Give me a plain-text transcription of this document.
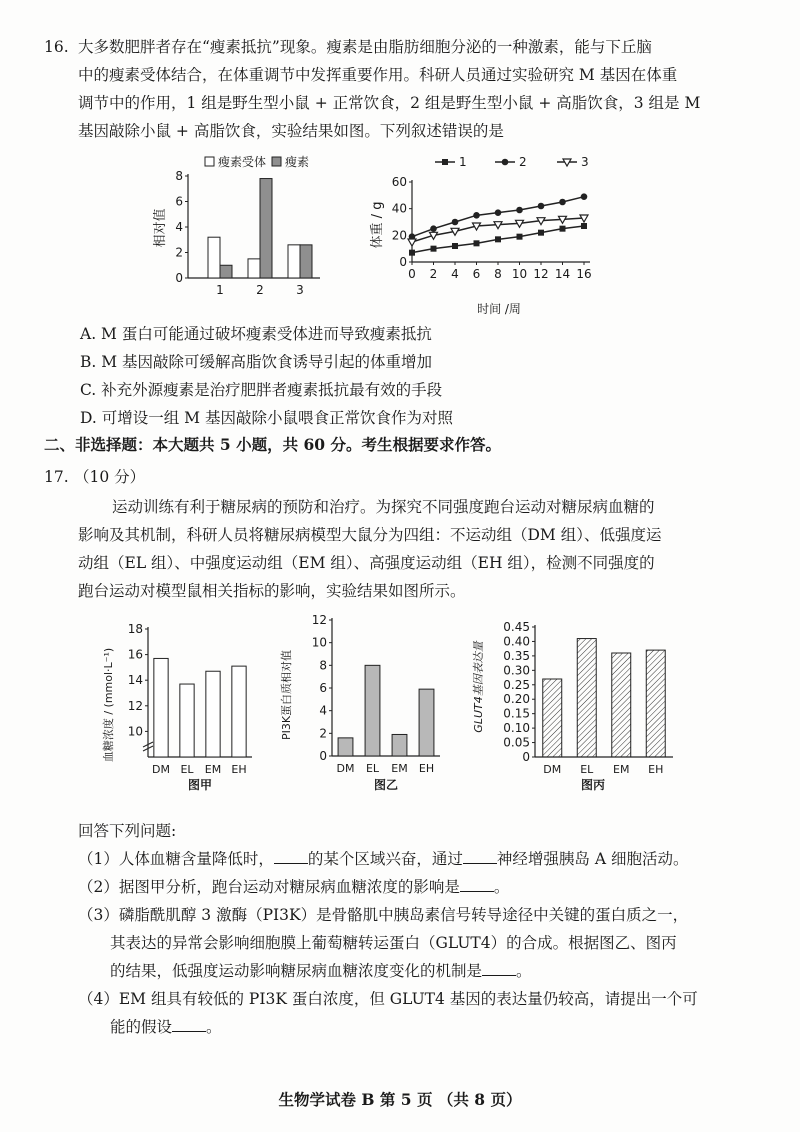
16. 大多数肥胖者存在“瘦素抵抗”现象。瘦素是由脂肪细胞分泌的一种激素，能与下丘脑
中的瘦素受体结合，在体重调节中发挥重要作用。科研人员通过实验研究 M 基因在体重
调节中的作用，1 组是野生型小鼠 + 正常饮食，2 组是野生型小鼠 + 高脂饮食，3 组是 M
基因敲除小鼠 + 高脂饮食，实验结果如图。下列叙述错误的是
瘦素受体 瘦素
相对值
0
2
4
6
8
1	2	3
1	2	3
体重 / g
时间 /周
0
20
40
60
0 2 4 6 8 10 12 14 16
A. M 蛋白可能通过破坏瘦素受体进而导致瘦素抵抗
B. M 基因敲除可缓解高脂饮食诱导引起的体重增加
C. 补充外源瘦素是治疗肥胖者瘦素抵抗最有效的手段
D. 可增设一组 M 基因敲除小鼠喂食正常饮食作为对照
二、非选择题：本大题共 5 小题，共 60 分。考生根据要求作答。
17. （10 分）
运动训练有利于糖尿病的预防和治疗。为探究不同强度跑台运动对糖尿病血糖的
影响及其机制，科研人员将糖尿病模型大鼠分为四组：不运动组（DM 组）、低强度运
动组（EL 组）、中强度运动组（EM 组）、高强度运动组（EH 组），检测不同强度的
跑台运动对模型鼠相关指标的影响，实验结果如图所示。
血糖浓度 / (mmol·L⁻¹) 10
12
14
16
18
DM EL EM EH
图甲
PI3K蛋白质相对值
0
2
4
6
8
10
12
DM EL EM EH
图乙
GLUT4基因表达量
0
0.05
0.10
0.15
0.20
0.25
0.30
0.35
0.40
0.45
DM EL EM EH
图丙
回答下列问题:
（1）人体血糖含量降低时， 的某个区域兴奋，通过 神经增强胰岛 A 细胞活动。
（2）据图甲分析，跑台运动对糖尿病血糖浓度的影响是 。
（3）磷脂酰肌醇 3 激酶（PI3K）是骨骼肌中胰岛素信号转导途径中关键的蛋白质之一，
其表达的异常会影响细胞膜上葡萄糖转运蛋白（GLUT4）的合成。根据图乙、图丙
的结果，低强度运动影响糖尿病血糖浓度变化的机制是 。
（4）EM 组具有较低的 PI3K 蛋白浓度，但 GLUT4 基因的表达量仍较高，请提出一个可
能的假设 。
生物学试卷 B 第 5 页 （共 8 页）
